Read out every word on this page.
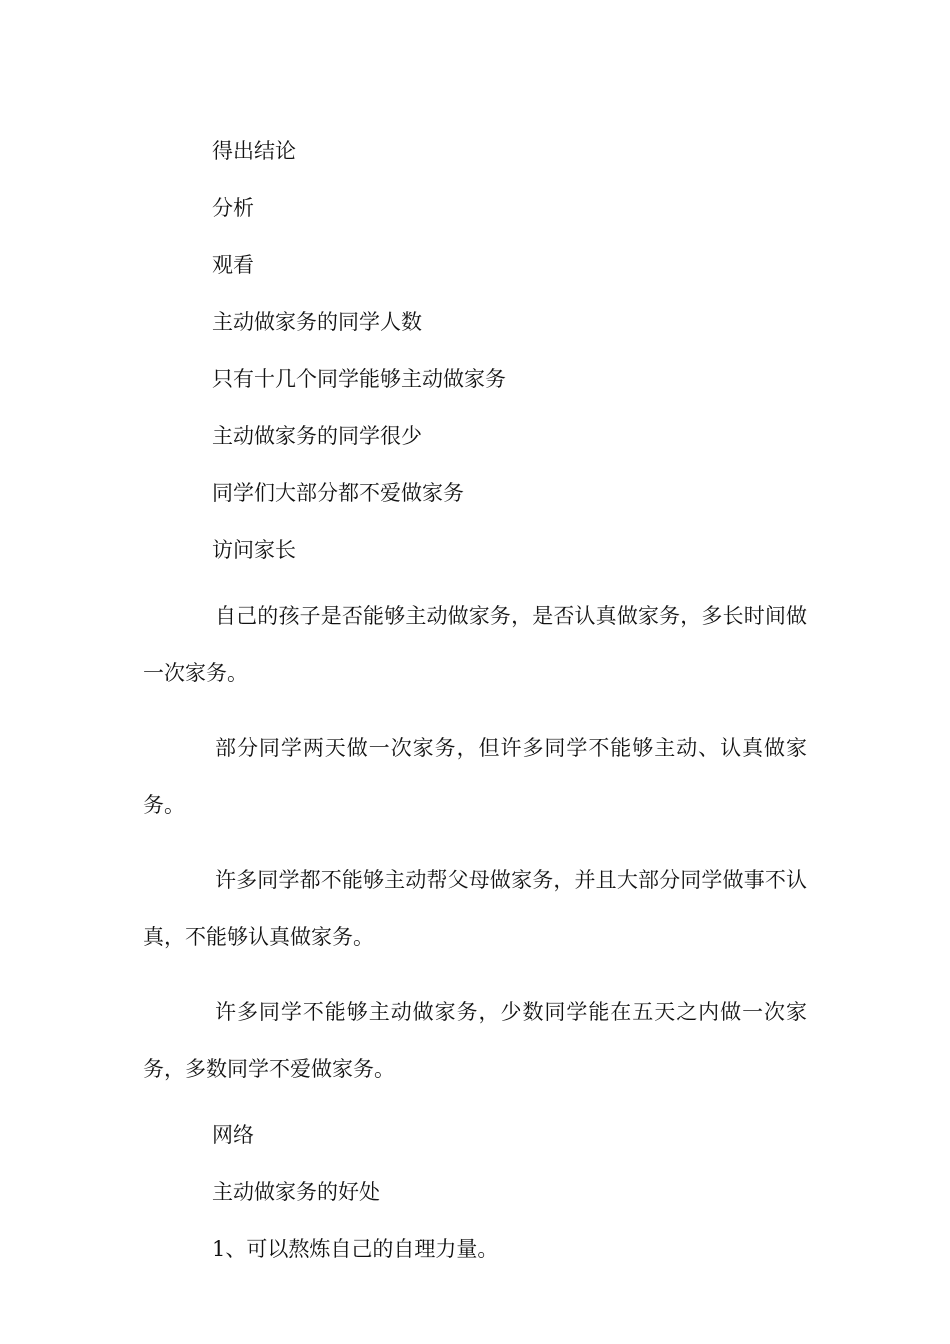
得出结论

分析

观看

主动做家务的同学人数

只有十几个同学能够主动做家务

主动做家务的同学很少

同学们大部分都不爱做家务

访问家长

自己的孩子是否能够主动做家务，是否认真做家务，多长时间做一次家务。

部分同学两天做一次家务，但许多同学不能够主动、认真做家务。

许多同学都不能够主动帮父母做家务，并且大部分同学做事不认真，不能够认真做家务。

许多同学不能够主动做家务，少数同学能在五天之内做一次家务，多数同学不爱做家务。

网络

主动做家务的好处

1、可以熬炼自己的自理力量。
